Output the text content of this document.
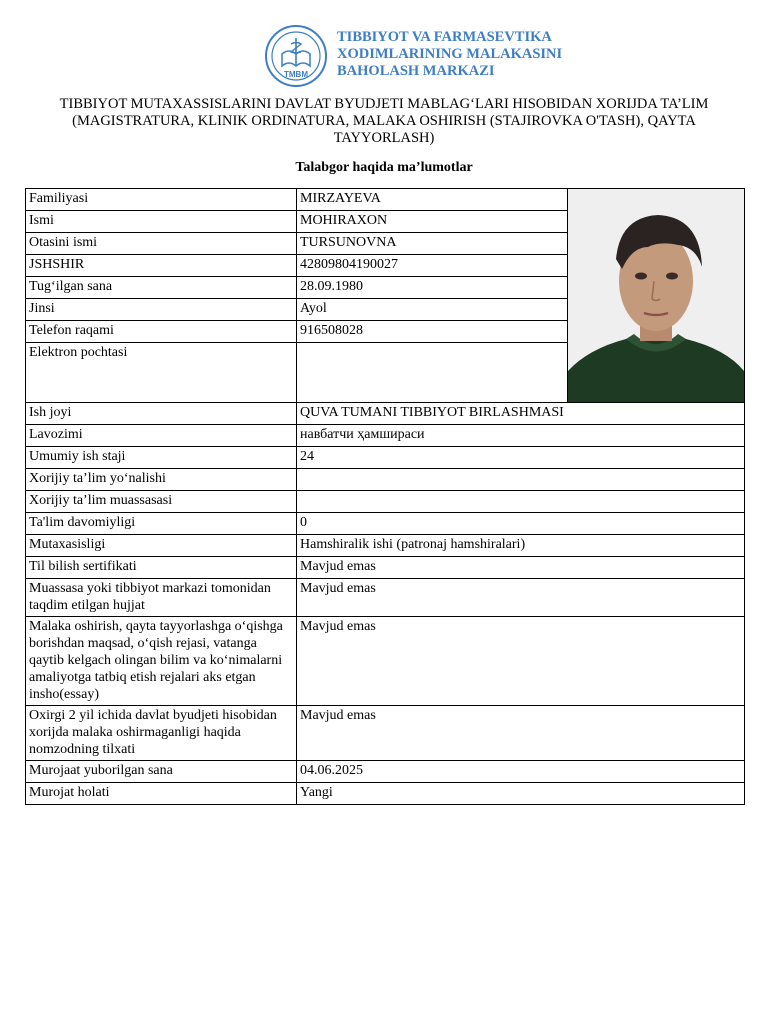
TMBM
TIBBIYOT VA FARMASEVTIKA
XODIMLARINING MALAKASINI
BAHOLASH MARKAZI
TIBBIYOT MUTAXASSISLARINI DAVLAT BYUDJETI MABLAG‘LARI HISOBIDAN XORIJDA TA’LIM
(MAGISTRATURA, KLINIK ORDINATURA, MALAKA OSHIRISH (STAJIROVKA O'TASH), QAYTA
TAYYORLASH)
Talabgor haqida ma’lumotlar
Familiyasi	MIRZAYEVA	

Ismi	MOHIRAXON	
Otasini ismi	TURSUNOVNA	
JSHSHIR	42809804190027	
Tug‘ilgan sana	28.09.1980	
Jinsi	Ayol	
Telefon raqami	916508028	
Elektron pochtasi		
Ish joyi	QUVA TUMANI TIBBIYOT BIRLASHMASI	
Lavozimi	навбатчи ҳамшираси	
Umumiy ish staji	24	
Xorijiy ta’lim yo‘nalishi		
Xorijiy ta’lim muassasasi		
Ta'lim davomiyligi	0	
Mutaxasisligi	Hamshiralik ishi (patronaj hamshiralari)	
Til bilish sertifikati	Mavjud emas	
Muassasa yoki tibbiyot markazi tomonidan taqdim etilgan hujjat	Mavjud emas	
Malaka oshirish, qayta tayyorlashga o‘qishga borishdan maqsad, o‘qish rejasi, vatanga qaytib kelgach olingan bilim va ko‘nimalarni amaliyotga tatbiq etish rejalari aks etgan insho(essay)	Mavjud emas	
Oxirgi 2 yil ichida davlat byudjeti hisobidan xorijda malaka oshirmaganligi haqida nomzodning tilxati	Mavjud emas	
Murojaat yuborilgan sana	04.06.2025	
Murojat holati	Yangi	
